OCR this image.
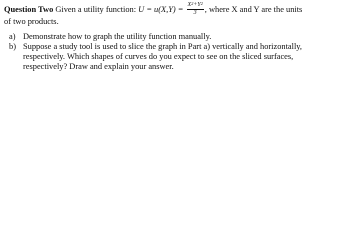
Question Two Given a utility function: $U = u(X,Y) = \frac{X^2+Y^2}{3}$ , where X and Y are the units
of two products.
a) Demonstrate how to graph the utility function manually.
b) Suppose a study tool is used to slice the graph in Part a) vertically and horizontally,
respectively. Which shapes of curves do you expect to see on the sliced surfaces,
respectively? Draw and explain your answer.
